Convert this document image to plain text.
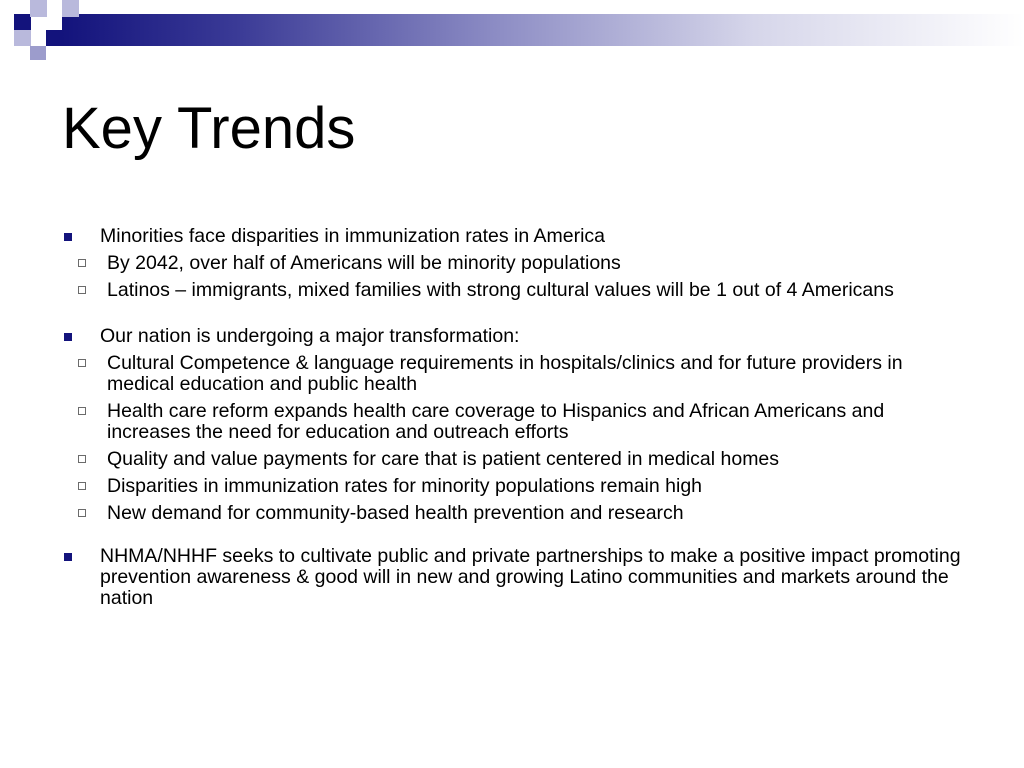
Key Trends
Minorities face disparities in immunization rates in America
By 2042, over half of Americans will be minority populations
Latinos – immigrants, mixed families with strong cultural values will be 1 out of 4 Americans
Our nation is undergoing a major transformation:
Cultural Competence & language requirements in hospitals/clinics and for future providers in medical education and public health
Health care reform expands health care coverage to Hispanics and African Americans and increases the need for education and outreach efforts
Quality and value payments for care that is patient centered in medical homes
Disparities in immunization rates for minority populations remain high
New demand for community-based health prevention and research
NHMA/NHHF seeks to cultivate public and private partnerships to make a positive impact promoting prevention awareness & good will in new and growing Latino communities and markets around the nation
